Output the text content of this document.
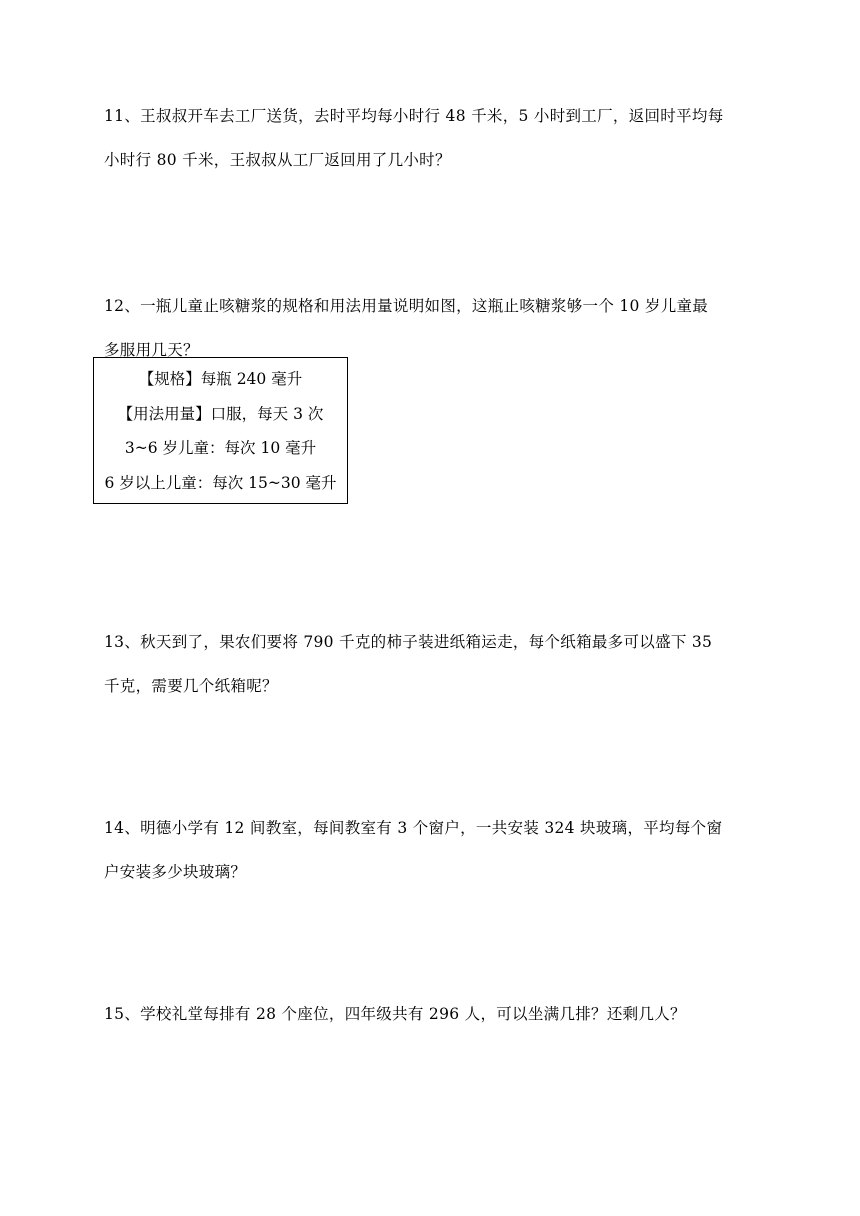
11、王叔叔开车去工厂送货，去时平均每小时行 48 千米，5 小时到工厂，返回时平均每

小时行 80 千米，王叔叔从工厂返回用了几小时？

12、一瓶儿童止咳糖浆的规格和用法用量说明如图，这瓶止咳糖浆够一个 10 岁儿童最

多服用几天？

【规格】每瓶 240 毫升

【用法用量】口服，每天 3 次

3~6 岁儿童：每次 10 毫升

6 岁以上儿童：每次 15~30 毫升

13、秋天到了，果农们要将 790 千克的柿子装进纸箱运走，每个纸箱最多可以盛下 35

千克，需要几个纸箱呢？

14、明德小学有 12 间教室，每间教室有 3 个窗户，一共安装 324 块玻璃，平均每个窗

户安装多少块玻璃？

15、学校礼堂每排有 28 个座位，四年级共有 296 人，可以坐满几排？还剩几人？
